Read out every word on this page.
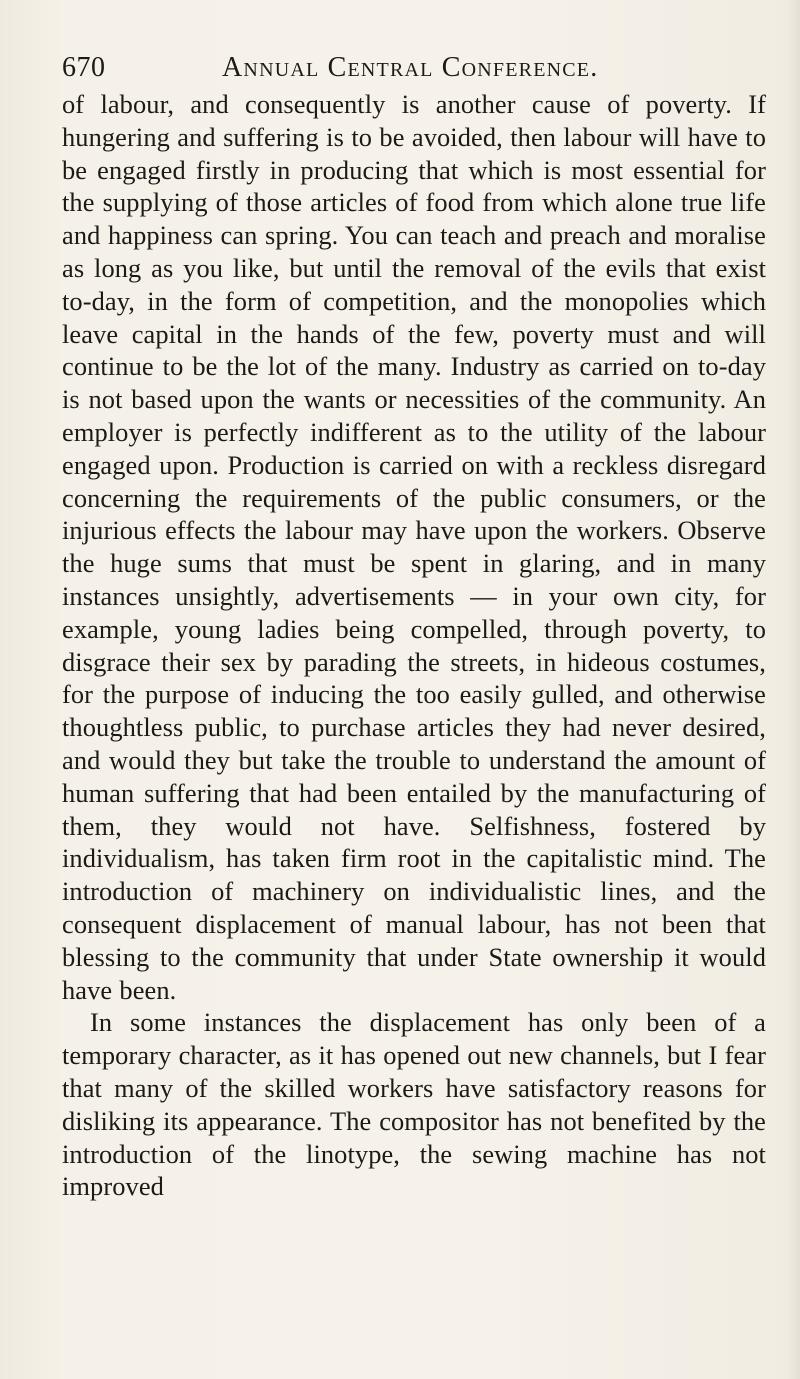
670	Annual Central Conference.

of labour, and consequently is another cause of poverty. If hungering and suffering is to be avoided, then labour will have to be engaged firstly in producing that which is most essential for the supplying of those articles of food from which alone true life and happiness can spring. You can teach and preach and moralise as long as you like, but until the removal of the evils that exist to-day, in the form of competition, and the monopolies which leave capital in the hands of the few, poverty must and will continue to be the lot of the many. Industry as carried on to-day is not based upon the wants or necessities of the community. An employer is perfectly indifferent as to the utility of the labour engaged upon. Production is carried on with a reckless disregard concerning the requirements of the public consumers, or the injurious effects the labour may have upon the workers. Observe the huge sums that must be spent in glaring, and in many instances unsightly, advertisements — in your own city, for example, young ladies being compelled, through poverty, to disgrace their sex by parading the streets, in hideous costumes, for the purpose of inducing the too easily gulled, and otherwise thoughtless public, to purchase articles they had never desired, and would they but take the trouble to understand the amount of human suffering that had been entailed by the manufacturing of them, they would not have. Selfishness, fostered by individualism, has taken firm root in the capitalistic mind. The introduction of machinery on individualistic lines, and the consequent displacement of manual labour, has not been that blessing to the community that under State ownership it would have been.

In some instances the displacement has only been of a temporary character, as it has opened out new channels, but I fear that many of the skilled workers have satisfactory reasons for disliking its appearance. The compositor has not benefited by the introduction of the linotype, the sewing machine has not improved
